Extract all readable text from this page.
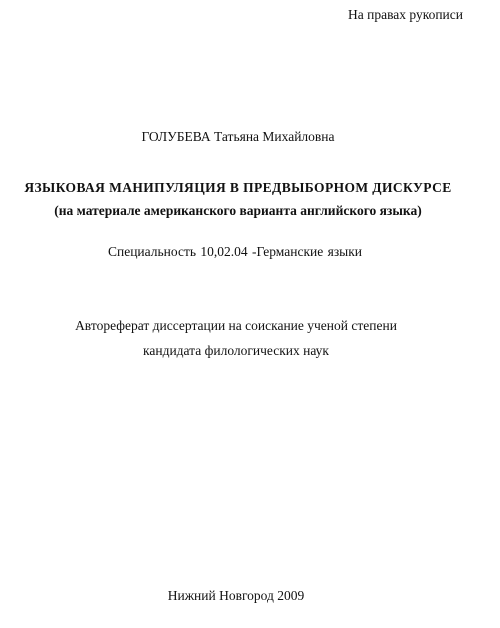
На правах рукописи
ГОЛУБЕВА Татьяна Михайловна
ЯЗЫКОВАЯ МАНИПУЛЯЦИЯ В ПРЕДВЫБОРНОМ ДИСКУРСЕ
(на материале американского варианта английского языка)
Специальность 10,02.04 -Германские языки
Автореферат диссертации на соискание ученой степени
кандидата филологических наук
Нижний Новгород 2009
